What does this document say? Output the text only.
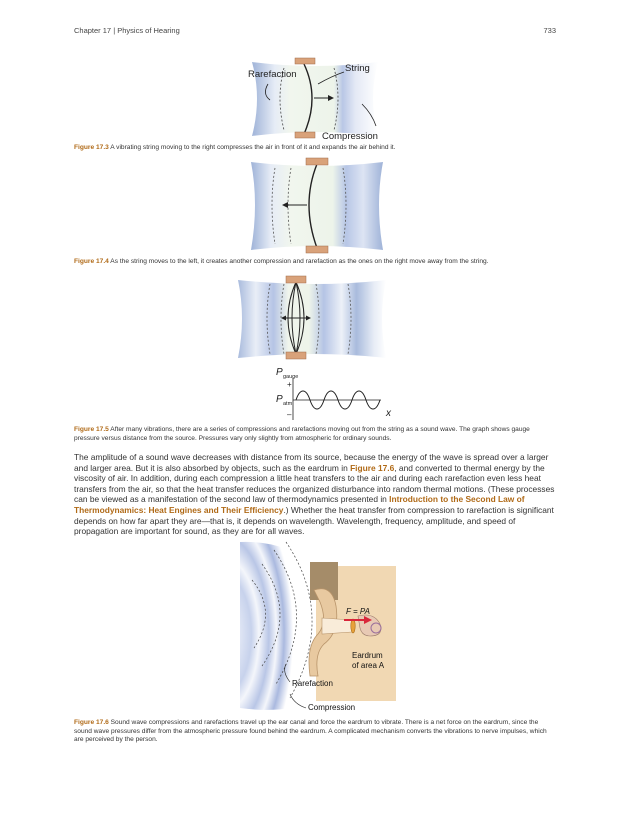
Chapter 17 | Physics of Hearing	733
Rarefaction
String
Compression
Figure 17.3 A vibrating string moving to the right compresses the air in front of it and expands the air behind it.
Figure 17.4 As the string moves to the left, it creates another compression and rarefaction as the ones on the right move away from the string.
P gauge
+
P atm
–	x
Figure 17.5 After many vibrations, there are a series of compressions and rarefactions moving out from the string as a sound wave. The graph shows gauge pressure versus distance from the source. Pressures vary only slightly from atmospheric for ordinary sounds.
The amplitude of a sound wave decreases with distance from its source, because the energy of the wave is spread over a larger and larger area. But it is also absorbed by objects, such as the eardrum in Figure 17.6, and converted to thermal energy by the viscosity of air. In addition, during each compression a little heat transfers to the air and during each rarefaction even less heat transfers from the air, so that the heat transfer reduces the organized disturbance into random thermal motions. (These processes can be viewed as a manifestation of the second law of thermodynamics presented in Introduction to the Second Law of Thermodynamics: Heat Engines and Their Efficiency.) Whether the heat transfer from compression to rarefaction is significant depends on how far apart they are—that is, it depends on wavelength. Wavelength, frequency, amplitude, and speed of propagation are important for sound, as they are for all waves.
F = PA
Eardrum
of area A
Rarefaction
Compression
Figure 17.6 Sound wave compressions and rarefactions travel up the ear canal and force the eardrum to vibrate. There is a net force on the eardrum, since the sound wave pressures differ from the atmospheric pressure found behind the eardrum. A complicated mechanism converts the vibrations to nerve impulses, which are perceived by the person.
